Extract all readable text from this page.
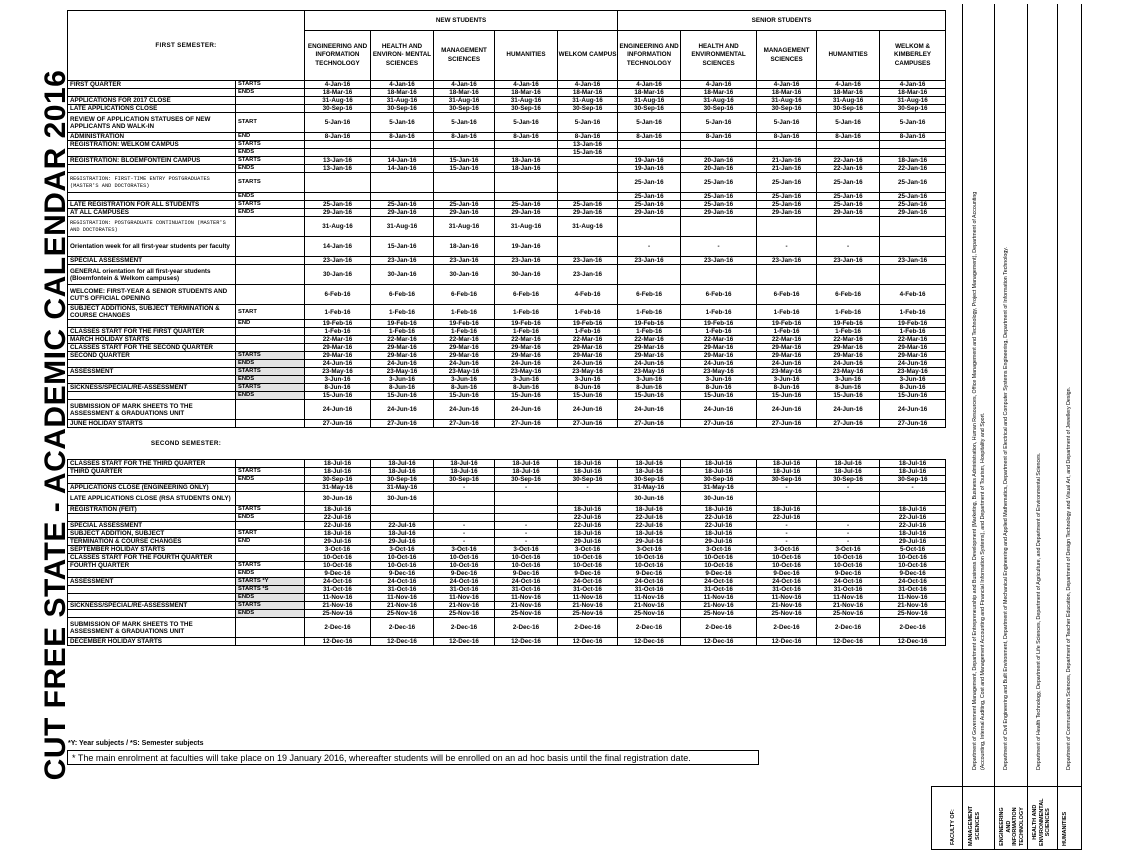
CUT FREE STATE - ACADEMIC CALENDAR 2016
FIRST SEMESTER:		NEW STUDENTS					SENIOR STUDENTS				
		ENGINEERING AND INFORMATION TECHNOLOGY	HEALTH AND ENVIRON- MENTAL SCIENCES	MANAGEMENT SCIENCES	HUMANITIES	WELKOM CAMPUS	ENGINEERING AND INFORMATION TECHNOLOGY	HEALTH AND ENVIRONMENTAL SCIENCES	MANAGEMENT SCIENCES	HUMANITIES	WELKOM & KIMBERLEY CAMPUSES
FIRST QUARTER	STARTS	4-Jan-16	4-Jan-16	4-Jan-16	4-Jan-16	4-Jan-16	4-Jan-16	4-Jan-16	4-Jan-16	4-Jan-16	4-Jan-16
	ENDS	18-Mar-16	18-Mar-16	18-Mar-16	18-Mar-16	18-Mar-16	18-Mar-16	18-Mar-16	18-Mar-16	18-Mar-16	18-Mar-16
APPLICATIONS FOR 2017 CLOSE		31-Aug-16	31-Aug-16	31-Aug-16	31-Aug-16	31-Aug-16	31-Aug-16	31-Aug-16	31-Aug-16	31-Aug-16	31-Aug-16
LATE APPLICATIONS CLOSE		30-Sep-16	30-Sep-16	30-Sep-16	30-Sep-16	30-Sep-16	30-Sep-16	30-Sep-16	30-Sep-16	30-Sep-16	30-Sep-16
REVIEW OF APPLICATION STATUSES OF NEW APPLICANTS AND WALK-IN	START	5-Jan-16	5-Jan-16	5-Jan-16	5-Jan-16	5-Jan-16	5-Jan-16	5-Jan-16	5-Jan-16	5-Jan-16	5-Jan-16
ADMINISTRATION	END	8-Jan-16	8-Jan-16	8-Jan-16	8-Jan-16	8-Jan-16	8-Jan-16	8-Jan-16	8-Jan-16	8-Jan-16	8-Jan-16
REGISTRATION: WELKOM CAMPUS	STARTS					13-Jan-16					
	ENDS					15-Jan-16					
REGISTRATION: BLOEMFONTEIN CAMPUS	STARTS	13-Jan-16	14-Jan-16	15-Jan-16	18-Jan-16		19-Jan-16	20-Jan-16	21-Jan-16	22-Jan-16	18-Jan-16
	ENDS	13-Jan-16	14-Jan-16	15-Jan-16	18-Jan-16		19-Jan-16	20-Jan-16	21-Jan-16	22-Jan-16	22-Jan-16
REGISTRATION: FIRST-TIME ENTRY POSTGRADUATES (MASTER'S AND DOCTORATES)	STARTS						25-Jan-16	25-Jan-16	25-Jan-16	25-Jan-16	25-Jan-16
	ENDS						25-Jan-16	25-Jan-16	25-Jan-16	25-Jan-16	25-Jan-16
LATE REGISTRATION FOR ALL STUDENTS	STARTS	25-Jan-16	25-Jan-16	25-Jan-16	25-Jan-16	25-Jan-16	25-Jan-16	25-Jan-16	25-Jan-16	25-Jan-16	25-Jan-16
AT ALL CAMPUSES	ENDS	29-Jan-16	29-Jan-16	29-Jan-16	29-Jan-16	29-Jan-16	29-Jan-16	29-Jan-16	29-Jan-16	29-Jan-16	29-Jan-16
REGISTRATION: POSTGRADUATE CONTINUATION (MASTER'S AND DOCTORATES)		31-Aug-16	31-Aug-16	31-Aug-16	31-Aug-16	31-Aug-16					
Orientation week for all first-year students per faculty		14-Jan-16	15-Jan-16	18-Jan-16	19-Jan-16		-	-	-	-	
SPECIAL ASSESSMENT		23-Jan-16	23-Jan-16	23-Jan-16	23-Jan-16	23-Jan-16	23-Jan-16	23-Jan-16	23-Jan-16	23-Jan-16	23-Jan-16
GENERAL orientation for all first-year students (Bloemfontein & Welkom campuses)		30-Jan-16	30-Jan-16	30-Jan-16	30-Jan-16	23-Jan-16					
WELCOME: FIRST-YEAR & SENIOR STUDENTS AND CUT'S OFFICIAL OPENING		6-Feb-16	6-Feb-16	6-Feb-16	6-Feb-16	4-Feb-16	6-Feb-16	6-Feb-16	6-Feb-16	6-Feb-16	4-Feb-16
SUBJECT ADDITIONS, SUBJECT TERMINATION & COURSE CHANGES	START	1-Feb-16	1-Feb-16	1-Feb-16	1-Feb-16	1-Feb-16	1-Feb-16	1-Feb-16	1-Feb-16	1-Feb-16	1-Feb-16
	END	19-Feb-16	19-Feb-16	19-Feb-16	19-Feb-16	19-Feb-16	19-Feb-16	19-Feb-16	19-Feb-16	19-Feb-16	19-Feb-16
CLASSES START FOR THE FIRST QUARTER		1-Feb-16	1-Feb-16	1-Feb-16	1-Feb-16	1-Feb-16	1-Feb-16	1-Feb-16	1-Feb-16	1-Feb-16	1-Feb-16
MARCH HOLIDAY STARTS		22-Mar-16	22-Mar-16	22-Mar-16	22-Mar-16	22-Mar-16	22-Mar-16	22-Mar-16	22-Mar-16	22-Mar-16	22-Mar-16
CLASSES START FOR THE SECOND QUARTER		29-Mar-16	29-Mar-16	29-Mar-16	29-Mar-16	29-Mar-16	29-Mar-16	29-Mar-16	29-Mar-16	29-Mar-16	29-Mar-16
SECOND QUARTER	STARTS	29-Mar-16	29-Mar-16	29-Mar-16	29-Mar-16	29-Mar-16	29-Mar-16	29-Mar-16	29-Mar-16	29-Mar-16	29-Mar-16
	ENDS	24-Jun-16	24-Jun-16	24-Jun-16	24-Jun-16	24-Jun-16	24-Jun-16	24-Jun-16	24-Jun-16	24-Jun-16	24-Jun-16
ASSESSMENT	STARTS	23-May-16	23-May-16	23-May-16	23-May-16	23-May-16	23-May-16	23-May-16	23-May-16	23-May-16	23-May-16
	ENDS	3-Jun-16	3-Jun-16	3-Jun-16	3-Jun-16	3-Jun-16	3-Jun-16	3-Jun-16	3-Jun-16	3-Jun-16	3-Jun-16
SICKNESS/SPECIAL/RE-ASSESSMENT	STARTS	8-Jun-16	8-Jun-16	8-Jun-16	8-Jun-16	8-Jun-16	8-Jun-16	8-Jun-16	8-Jun-16	8-Jun-16	8-Jun-16
	ENDS	15-Jun-16	15-Jun-16	15-Jun-16	15-Jun-16	15-Jun-16	15-Jun-16	15-Jun-16	15-Jun-16	15-Jun-16	15-Jun-16
SUBMISSION OF MARK SHEETS TO THE ASSESSMENT & GRADUATIONS UNIT		24-Jun-16	24-Jun-16	24-Jun-16	24-Jun-16	24-Jun-16	24-Jun-16	24-Jun-16	24-Jun-16	24-Jun-16	24-Jun-16
JUNE HOLIDAY STARTS		27-Jun-16	27-Jun-16	27-Jun-16	27-Jun-16	27-Jun-16	27-Jun-16	27-Jun-16	27-Jun-16	27-Jun-16	27-Jun-16
SECOND SEMESTER:											
CLASSES START FOR THE THIRD QUARTER		18-Jul-16	18-Jul-16	18-Jul-16	18-Jul-16	18-Jul-16	18-Jul-16	18-Jul-16	18-Jul-16	18-Jul-16	18-Jul-16
THIRD QUARTER	STARTS	18-Jul-16	18-Jul-16	18-Jul-16	18-Jul-16	18-Jul-16	18-Jul-16	18-Jul-16	18-Jul-16	18-Jul-16	18-Jul-16
	ENDS	30-Sep-16	30-Sep-16	30-Sep-16	30-Sep-16	30-Sep-16	30-Sep-16	30-Sep-16	30-Sep-16	30-Sep-16	30-Sep-16
APPLICATIONS CLOSE (ENGINEERING ONLY)		31-May-16	31-May-16	-	-	-	31-May-16	31-May-16	-	-	-
LATE APPLICATIONS CLOSE (RSA STUDENTS ONLY)		30-Jun-16	30-Jun-16				30-Jun-16	30-Jun-16			
REGISTRATION (FEIT)	STARTS	18-Jul-16				18-Jul-16	18-Jul-16	18-Jul-16	18-Jul-16		18-Jul-16
	ENDS	22-Jul-16				22-Jul-16	22-Jul-16	22-Jul-16	22-Jul-16		22-Jul-16
SPECIAL ASSESSMENT		22-Jul-16	22-Jul-16	-	-	22-Jul-16	22-Jul-16	22-Jul-16	-	-	22-Jul-16
SUBJECT ADDITION, SUBJECT	START	18-Jul-16	18-Jul-16	-	-	18-Jul-16	18-Jul-16	18-Jul-16	-	-	18-Jul-16
TERMINATION & COURSE CHANGES	END	29-Jul-16	29-Jul-16	-	-	29-Jul-16	29-Jul-16	29-Jul-16	-	-	29-Jul-16
SEPTEMBER HOLIDAY STARTS		3-Oct-16	3-Oct-16	3-Oct-16	3-Oct-16	3-Oct-16	3-Oct-16	3-Oct-16	3-Oct-16	3-Oct-16	5-Oct-16
CLASSES START FOR THE FOURTH QUARTER		10-Oct-16	10-Oct-16	10-Oct-16	10-Oct-16	10-Oct-16	10-Oct-16	10-Oct-16	10-Oct-16	10-Oct-16	10-Oct-16
FOURTH QUARTER	STARTS	10-Oct-16	10-Oct-16	10-Oct-16	10-Oct-16	10-Oct-16	10-Oct-16	10-Oct-16	10-Oct-16	10-Oct-16	10-Oct-16
	ENDS	9-Dec-16	9-Dec-16	9-Dec-16	9-Dec-16	9-Dec-16	9-Dec-16	9-Dec-16	9-Dec-16	9-Dec-16	9-Dec-16
ASSESSMENT	STARTS *Y	24-Oct-16	24-Oct-16	24-Oct-16	24-Oct-16	24-Oct-16	24-Oct-16	24-Oct-16	24-Oct-16	24-Oct-16	24-Oct-16
	STARTS *S	31-Oct-16	31-Oct-16	31-Oct-16	31-Oct-16	31-Oct-16	31-Oct-16	31-Oct-16	31-Oct-16	31-Oct-16	31-Oct-16
	ENDS	11-Nov-16	11-Nov-16	11-Nov-16	11-Nov-16	11-Nov-16	11-Nov-16	11-Nov-16	11-Nov-16	11-Nov-16	11-Nov-16
SICKNESS/SPECIAL/RE-ASSESSMENT	STARTS	21-Nov-16	21-Nov-16	21-Nov-16	21-Nov-16	21-Nov-16	21-Nov-16	21-Nov-16	21-Nov-16	21-Nov-16	21-Nov-16
	ENDS	25-Nov-16	25-Nov-16	25-Nov-16	25-Nov-16	25-Nov-16	25-Nov-16	25-Nov-16	25-Nov-16	25-Nov-16	25-Nov-16
SUBMISSION OF MARK SHEETS TO THE ASSESSMENT & GRADUATIONS UNIT		2-Dec-16	2-Dec-16	2-Dec-16	2-Dec-16	2-Dec-16	2-Dec-16	2-Dec-16	2-Dec-16	2-Dec-16	2-Dec-16
DECEMBER HOLIDAY STARTS		12-Dec-16	12-Dec-16	12-Dec-16	12-Dec-16	12-Dec-16	12-Dec-16	12-Dec-16	12-Dec-16	12-Dec-16	12-Dec-16
*Y: Year subjects / *S: Semester subjects
* The main enrolment at faculties will take place on 19 January 2016, whereafter students will be enrolled on an ad hoc basis until the final registration date.
FACULTY OF:
Department of Government Management, Department of Entrepreneurship and Business Development (Marketing, Business Administration, Human Resources, Office Management and Technology, Project Management), Department of Accounting (Accounting, Internal Auditing, Cost and Management Accounting and Financial Information Systems), and Department of Tourism, Hospitality and Sport.
MANAGEMENT SCIENCES
Department of Civil Engineering and Built Environment, Department of Mechanical Engineering and Applied Mathematics, Department of Electrical and Computer Systems Engineering, Department of Information Technology.
ENGINEERING AND INFORMATION TECHNOLOGY
Department of Health Technology, Department of Life Sciences, Department of Agriculture, and Department of Environmental Sciences.
HEALTH AND ENVIRONMENTAL SCIENCES
Department of Communication Sciences, Department of Teacher Education, Department of Design Technology and Visual Art, and Department of Jewellery Design.
HUMANITIES
